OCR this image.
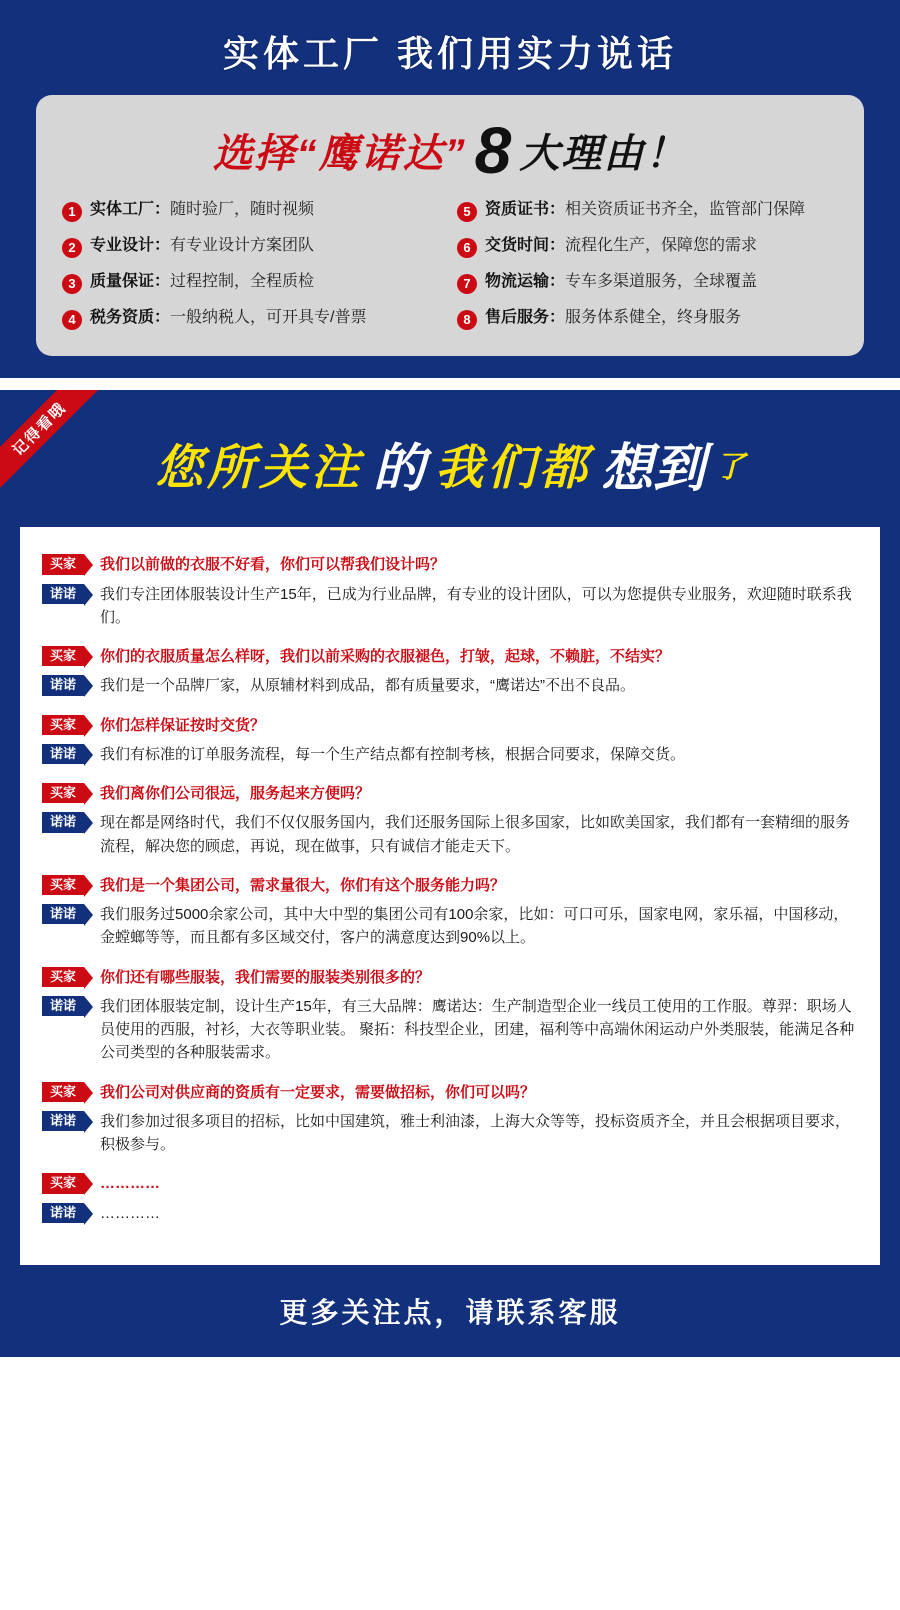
实体工厂 我们用实力说话
选择“鹰诺达” 8 大理由！
1 实体工厂：随时验厂，随时视频	5 资质证书：相关资质证书齐全，监管部门保障
2 专业设计：有专业设计方案团队	6 交货时间：流程化生产，保障您的需求
3 质量保证：过程控制，全程质检	7 物流运输：专车多渠道服务，全球覆盖
4 税务资质：一般纳税人，可开具专/普票	8 售后服务：服务体系健全，终身服务
记得看哦
您所关注 的 我们都 想到 了
买家	我们以前做的衣服不好看，你们可以帮我们设计吗？
诺诺	我们专注团体服装设计生产15年，已成为行业品牌，有专业的设计团队，可以为您提供专业服务，欢迎随时联系我们。
买家	你们的衣服质量怎么样呀，我们以前采购的衣服褪色，打皱，起球，不赖脏，不结实？
诺诺	我们是一个品牌厂家，从原辅材料到成品，都有质量要求，“鹰诺达”不出不良品。
买家	你们怎样保证按时交货？
诺诺	我们有标准的订单服务流程，每一个生产结点都有控制考核，根据合同要求，保障交货。
买家	我们离你们公司很远，服务起来方便吗？
诺诺	现在都是网络时代，我们不仅仅服务国内，我们还服务国际上很多国家，比如欧美国家，我们都有一套精细的服务流程，解决您的顾虑，再说，现在做事，只有诚信才能走天下。
买家	我们是一个集团公司，需求量很大，你们有这个服务能力吗？
诺诺	我们服务过5000余家公司，其中大中型的集团公司有100余家，比如：可口可乐，国家电网，家乐福，中国移动，金螳螂等等，而且都有多区域交付，客户的满意度达到90%以上。
买家	你们还有哪些服装，我们需要的服装类别很多的？
诺诺	我们团体服装定制，设计生产15年，有三大品牌：鹰诺达：生产制造型企业一线员工使用的工作服。尊羿：职场人员使用的西服，衬衫，大衣等职业装。 聚拓：科技型企业，团建，福利等中高端休闲运动户外类服装，能满足各种公司类型的各种服装需求。
买家	我们公司对供应商的资质有一定要求，需要做招标，你们可以吗？
诺诺	我们参加过很多项目的招标，比如中国建筑，雅士利油漆，上海大众等等，投标资质齐全，并且会根据项目要求，积极参与。
买家	…………
诺诺	…………
更多关注点，请联系客服
